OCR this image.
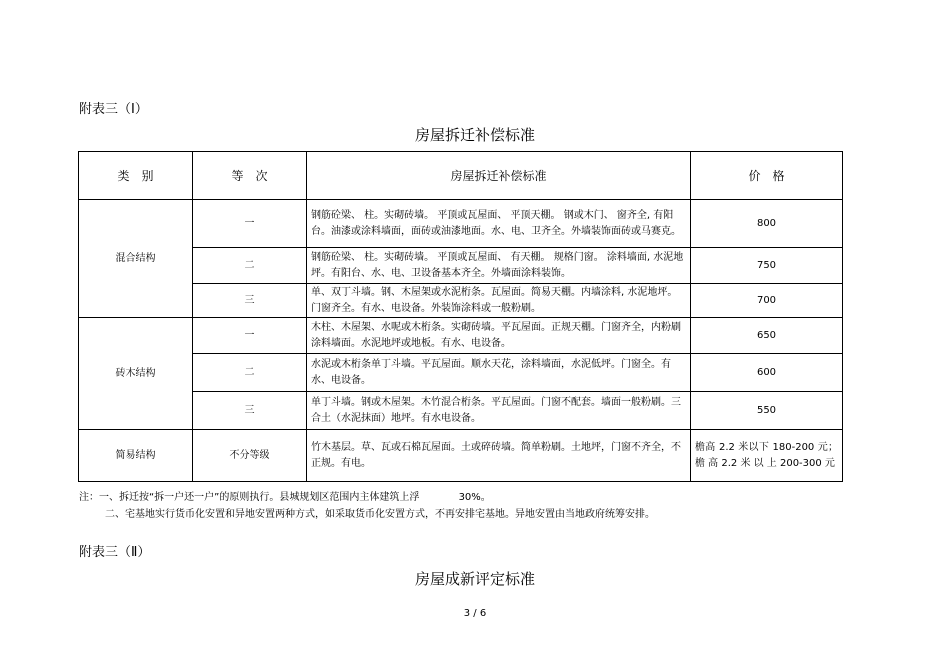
附表三（Ⅰ）
房屋拆迁补偿标准
类　别	等　次	房屋拆迁补偿标准	价　格
混合结构	一	钢筋砼梁、 柱。实砌砖墙。 平顶或瓦屋面、 平顶天棚。 钢或木门、 窗齐全, 有阳台。油漆或涂料墙面，面砖或油漆地面。水、电、卫齐全。外墙装饰面砖或马赛克。	800
	二	钢筋砼梁、 柱。实砌砖墙。 平顶或瓦屋面、 有天棚。 规格门窗。 涂料墙面, 水泥地坪。有阳台、水、电、卫设备基本齐全。外墙面涂料装饰。	750
	三	单、双丁斗墙。钢、木屋架或水泥桁条。瓦屋面。简易天棚。内墙涂料, 水泥地坪。门窗齐全。有水、电设备。外装饰涂料或一般粉刷。	700
砖木结构	一	木柱、木屋架、水呢或木桁条。实砌砖墙。平瓦屋面。正规天棚。门窗齐全，内粉刷涂料墙面。水泥地坪或地板。有水、电设备。	650
	二	水泥或木桁条单丁斗墙。平瓦屋面。顺水天花，涂料墙面，水泥低坪。门窗全。有水、电设备。	600
	三	单丁斗墙。钢或木屋架。木竹混合桁条。平瓦屋面。门窗不配套。墙面一般粉刷。三合土（水泥抹面）地坪。有水电设备。	550
简易结构	不分等级	竹木基层。草、瓦或石棉瓦屋面。土或碎砖墙。简单粉刷。土地坪，门窗不齐全，不正规。有电。	檐高 2.2 米以下 180-200 元； 檐 高 2.2 米 以 上 200-300 元
注：一、拆迁按“拆一户还一户”的原则执行。县城规划区范围内主体建筑上浮	30%。
二、宅基地实行货币化安置和异地安置两种方式，如采取货币化安置方式，不再安排宅基地。异地安置由当地政府统筹安排。
附表三（Ⅱ）
房屋成新评定标准
3 / 6
